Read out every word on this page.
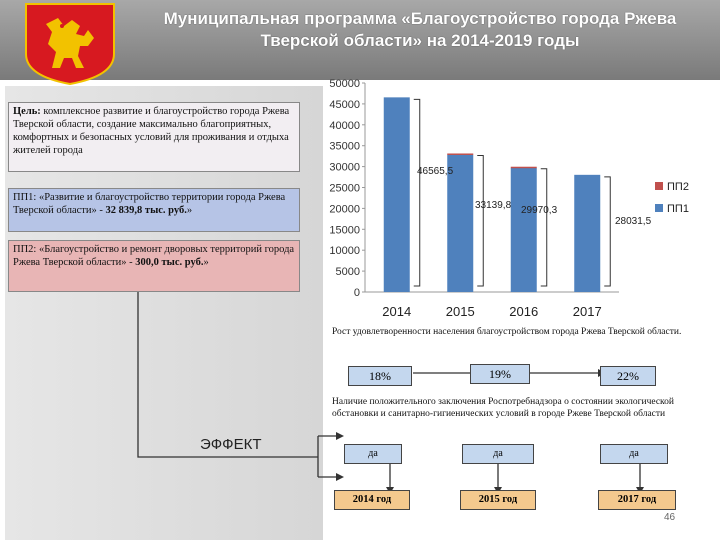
Муниципальная программа «Благоустройство города Ржева Тверской области» на 2014-2019 годы
Цель: комплексное развитие и благоустройство города Ржева Тверской области, создание максимально благоприятных, комфортных и безопасных условий для проживания и отдыха жителей города
ПП1: «Развитие и благоустройство территории города Ржева Тверской области» - 32 839,8 тыс. руб.»
ПП2: «Благоустройство и ремонт дворовых территорий города Ржева Тверской области» - 300,0 тыс. руб.»
0
5000
10000
15000
20000
25000
30000
35000
40000
45000
50000
2014	2015	2016	2017
46565,5
33139,8 29970,3
28031,5
ПП2
ПП1
ЭФФЕКТ
Рост удовлетворенности населения благоустройством города Ржева Тверской области.
18%	19%	22%
Наличие положительного заключения Роспотребнадзора о состоянии экологической обстановки и санитарно-гигиенических условий в городе Ржеве Тверской области
да	да	да
2014 год	2015 год	2017 год
46
